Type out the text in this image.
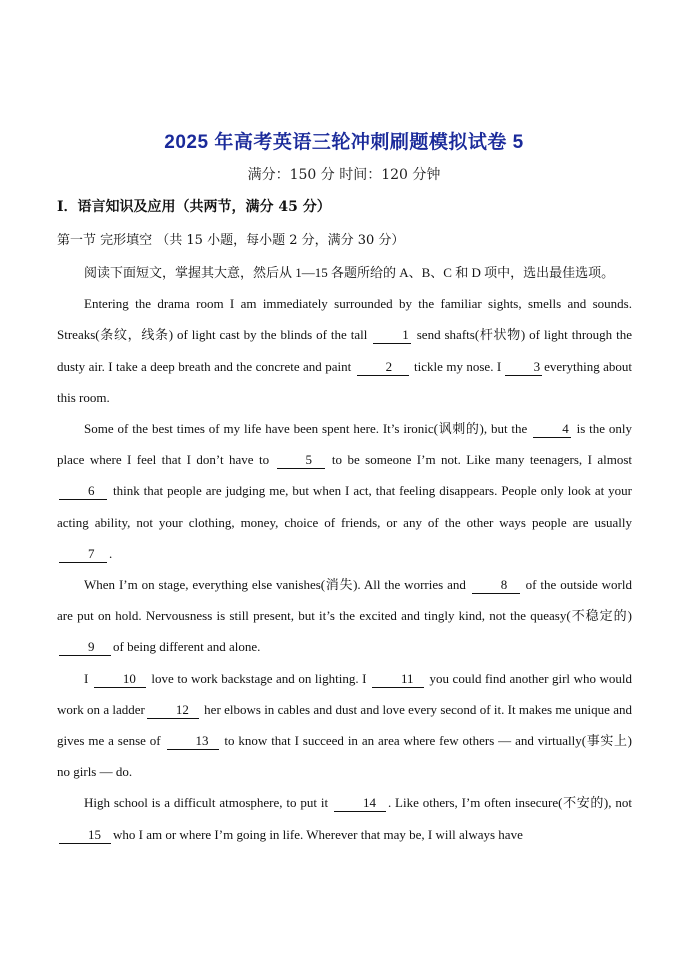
2025 年高考英语三轮冲刺刷题模拟试卷 5
满分：150 分 时间：120 分钟
I．语言知识及应用（共两节，满分 45 分）
第一节 完形填空 （共 15 小题，每小题 2 分，满分 30 分）

阅读下面短文，掌握其大意，然后从 1—15 各题所给的 A、B、C 和 D 项中，选出最佳选项。

Entering the drama room I am immediately surrounded by the familiar sights, smells and sounds. Streaks(条纹，线条) of light cast by the blinds of the tall 1 send shafts(杆状物) of light through the dusty air. I take a deep breath and the concrete and paint 2 tickle my nose. I 3 everything about this room.

Some of the best times of my life have been spent here. It’s ironic(讽刺的), but the 4 is the only place where I feel that I don’t have to 5 to be someone I’m not. Like many teenagers, I almost 6 think that people are judging me, but when I act, that feeling disappears. People only look at your acting ability, not your clothing, money, choice of friends, or any of the other ways people are usually7 .

When I’m on stage, everything else vanishes(消失). All the worries and 8 of the outside world are put on hold. Nervousness is still present, but it’s the excited and tingly kind, not the queasy(不稳定的) 9 of being different and alone.

I 10 love to work backstage and on lighting. I 11 you could find another girl who would work on a ladder 12 her elbows in cables and dust and love every second of it. It makes me unique and gives me a sense of 13 to know that I succeed in an area where few others — and virtually(事实上) no girls — do.

High school is a difficult atmosphere, to put it 14 . Like others, I’m often insecure(不安的), not 15 who I am or where I’m going in life. Wherever that may be, I will always have
